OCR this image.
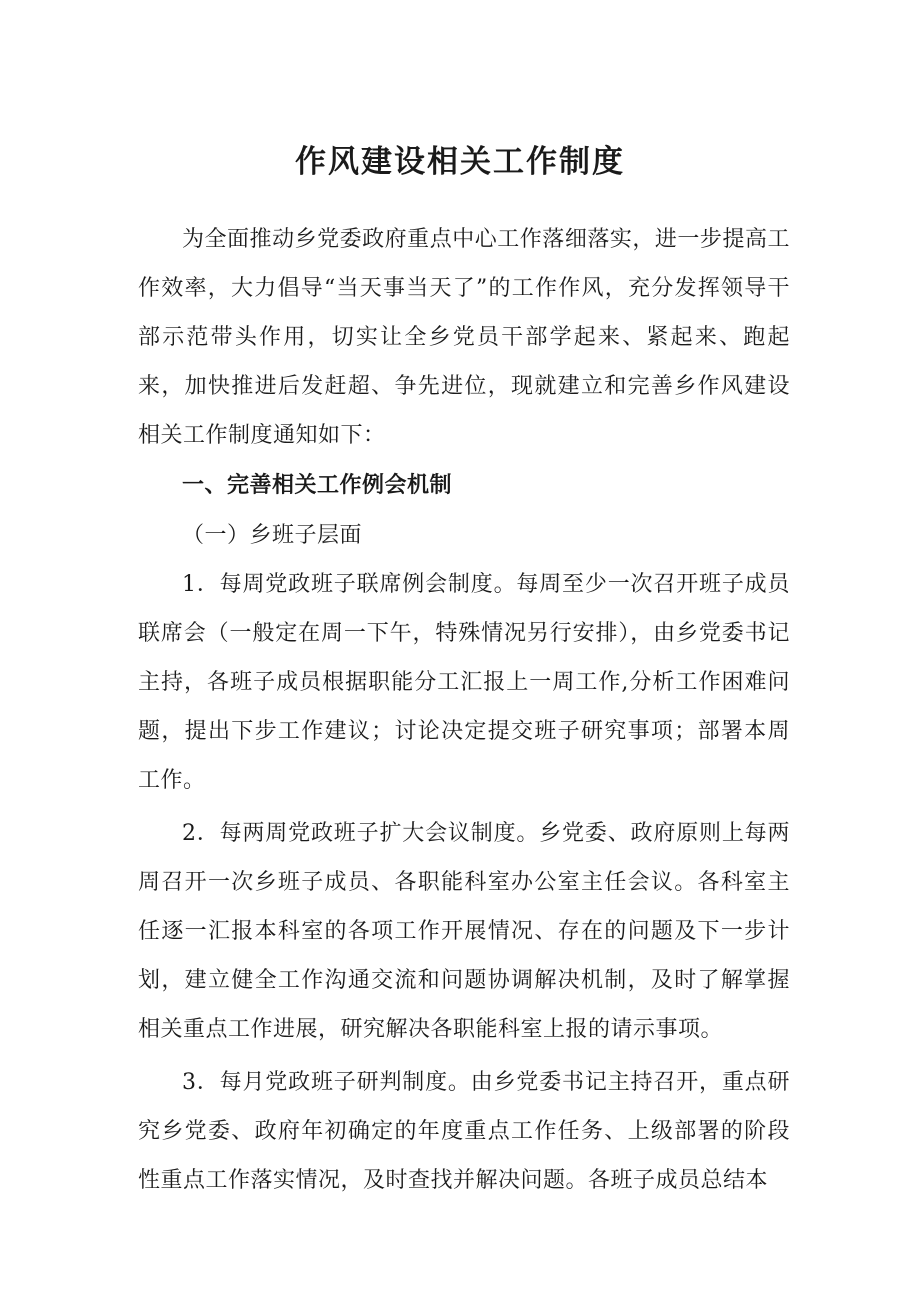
作风建设相关工作制度

为全面推动乡党委政府重点中心工作落细落实，进一步提高工作效率，大力倡导“当天事当天了”的工作作风，充分发挥领导干部示范带头作用，切实让全乡党员干部学起来、紧起来、跑起来，加快推进后发赶超、争先进位，现就建立和完善乡作风建设相关工作制度通知如下：

一、完善相关工作例会机制

（一）乡班子层面

1．每周党政班子联席例会制度。每周至少一次召开班子成员联席会（一般定在周一下午，特殊情况另行安排），由乡党委书记主持，各班子成员根据职能分工汇报上一周工作,分析工作困难问题，提出下步工作建议；讨论决定提交班子研究事项；部署本周工作。

2．每两周党政班子扩大会议制度。乡党委、政府原则上每两周召开一次乡班子成员、各职能科室办公室主任会议。各科室主任逐一汇报本科室的各项工作开展情况、存在的问题及下一步计划，建立健全工作沟通交流和问题协调解决机制，及时了解掌握相关重点工作进展，研究解决各职能科室上报的请示事项。

3．每月党政班子研判制度。由乡党委书记主持召开，重点研究乡党委、政府年初确定的年度重点工作任务、上级部署的阶段性重点工作落实情况，及时查找并解决问题。各班子成员总结本
